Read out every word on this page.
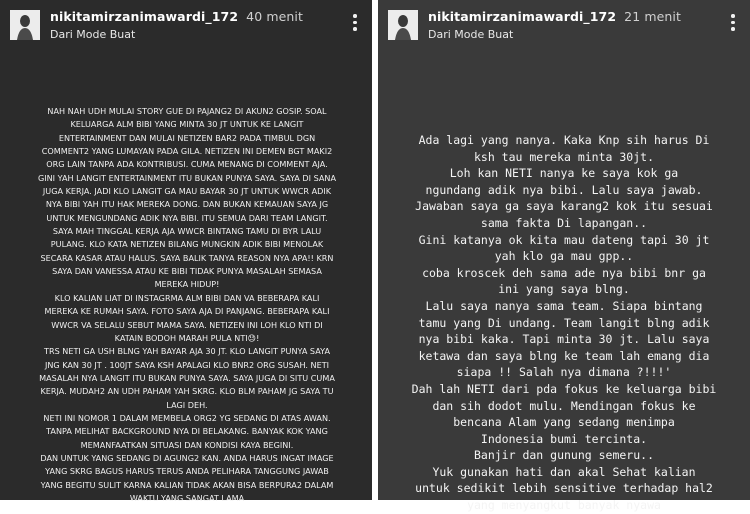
nikitamirzanimawardi_172 40 menit
Dari Mode Buat
NAH NAH UDH MULAI STORY GUE DI PAJANG2 DI AKUN2 GOSIP. SOAL
KELUARGA ALM BIBI YANG MINTA 30 JT UNTUK KE LANGIT
ENTERTAINMENT DAN MULAI NETIZEN BAR2 PADA TIMBUL DGN
COMMENT2 YANG LUMAYAN PADA GILA. NETIZEN INI DEMEN BGT MAKI2
ORG LAIN TANPA ADA KONTRIBUSI. CUMA MENANG DI COMMENT AJA.
GINI YAH LANGIT ENTERTAINMENT ITU BUKAN PUNYA SAYA. SAYA DI SANA
JUGA KERJA. JADI KLO LANGIT GA MAU BAYAR 30 JT UNTUK WWCR ADIK
NYA BIBI YAH ITU HAK MEREKA DONG. DAN BUKAN KEMAUAN SAYA JG
UNTUK MENGUNDANG ADIK NYA BIBI. ITU SEMUA DARI TEAM LANGIT.
SAYA MAH TINGGAL KERJA AJA WWCR BINTANG TAMU DI BYR LALU
PULANG. KLO KATA NETIZEN BILANG MUNGKIN ADIK BIBI MENOLAK
SECARA KASAR ATAU HALUS. SAYA BALIK TANYA REASON NYA APA!! KRN
SAYA DAN VANESSA ATAU KE BIBI TIDAK PUNYA MASALAH SEMASA
MEREKA HIDUP!
KLO KALIAN LIAT DI INSTAGRMA ALM BIBI DAN VA BEBERAPA KALI
MEREKA KE RUMAH SAYA. FOTO SAYA AJA DI PANJANG. BEBERAPA KALI
WWCR VA SELALU SEBUT MAMA SAYA. NETIZEN INI LOH KLO NTI DI
KATAIN BODOH MARAH PULA NTI😓!
TRS NETI GA USH BLNG YAH BAYAR AJA 30 JT. KLO LANGIT PUNYA SAYA
JNG KAN 30 JT . 100JT SAYA KSH APALAGI KLO BNR2 ORG SUSAH. NETI
MASALAH NYA LANGIT ITU BUKAN PUNYA SAYA. SAYA JUGA DI SITU CUMA
KERJA. MUDAH2 AN UDH PAHAM YAH SKRG. KLO BLM PAHAM JG SAYA TU
LAGI DEH.
NETI INI NOMOR 1 DALAM MEMBELA ORG2 YG SEDANG DI ATAS AWAN.
TANPA MELIHAT BACKGROUND NYA DI BELAKANG. BANYAK KOK YANG
MEMANFAATKAN SITUASI DAN KONDISI KAYA BEGINI.
DAN UNTUK YANG SEDANG DI AGUNG2 KAN. ANDA HARUS INGAT IMAGE
YANG SKRG BAGUS HARUS TERUS ANDA PELIHARA TANGGUNG JAWAB
YANG BEGITU SULIT KARNA KALIAN TIDAK AKAN BISA BERPURA2 DALAM
WAKTU YANG SANGAT LAMA
nikitamirzanimawardi_172 21 menit
Dari Mode Buat
Ada lagi yang nanya. Kaka Knp sih harus Di
ksh tau mereka minta 30jt.
Loh kan NETI nanya ke saya kok ga
ngundang adik nya bibi. Lalu saya jawab.
Jawaban saya ga saya karang2 kok itu sesuai
sama fakta Di lapangan..
Gini katanya ok kita mau dateng tapi 30 jt
yah klo ga mau gpp..
coba kroscek deh sama ade nya bibi bnr ga
ini yang saya blng.
Lalu saya nanya sama team. Siapa bintang
tamu yang Di undang. Team langit blng adik
nya bibi kaka. Tapi minta 30 jt. Lalu saya
ketawa dan saya blng ke team lah emang dia
siapa !! Salah nya dimana ?!!!'
Dah lah NETI dari pda fokus ke keluarga bibi
dan sih dodot mulu. Mendingan fokus ke
bencana Alam yang sedang menimpa
Indonesia bumi tercinta.
Banjir dan gunung semeru..
Yuk gunakan hati dan akal Sehat kalian
untuk sedikit lebih sensitive terhadap hal2
yang menyangkut banyak nyawa
